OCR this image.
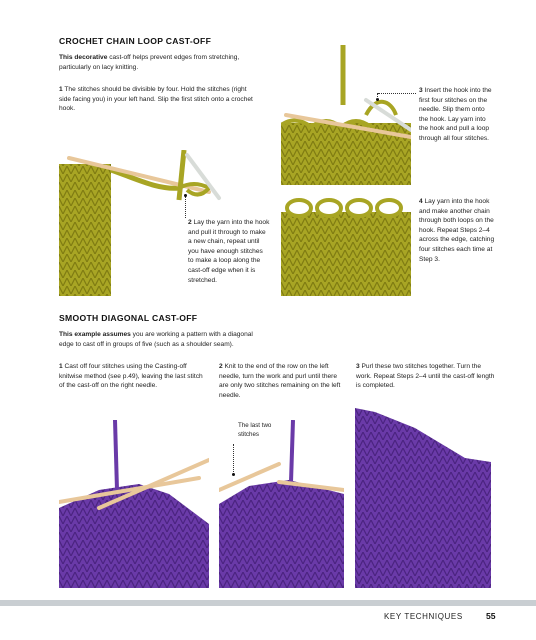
CROCHET CHAIN LOOP CAST-OFF
This decorative cast-off helps prevent edges from stretching, particularly on lacy knitting.
1 The stitches should be divisible by four. Hold the stitches (right side facing you) in your left hand. Slip the first stitch onto a crochet hook.
2 Lay the yarn into the hook and pull it through to make a new chain, repeat until you have enough stitches to make a loop along the cast-off edge when it is stretched.
3 Insert the hook into the first four stitches on the needle. Slip them onto the hook. Lay yarn into the hook and pull a loop through all four stitches.
4 Lay yarn into the hook and make another chain through both loops on the hook. Repeat Steps 2–4 across the edge, catching four stitches each time at Step 3.
SMOOTH DIAGONAL CAST-OFF
This example assumes you are working a pattern with a diagonal edge to cast off in groups of five (such as a shoulder seam).
1 Cast off four stitches using the Casting-off knitwise method (see p.49), leaving the last stitch of the cast-off on the right needle.
2 Knit to the end of the row on the left needle, turn the work and purl until there are only two stitches remaining on the left needle.
3 Purl these two stitches together. Turn the work. Repeat Steps 2–4 until the cast-off length is completed.
The last two stitches
KEY TECHNIQUES	55
